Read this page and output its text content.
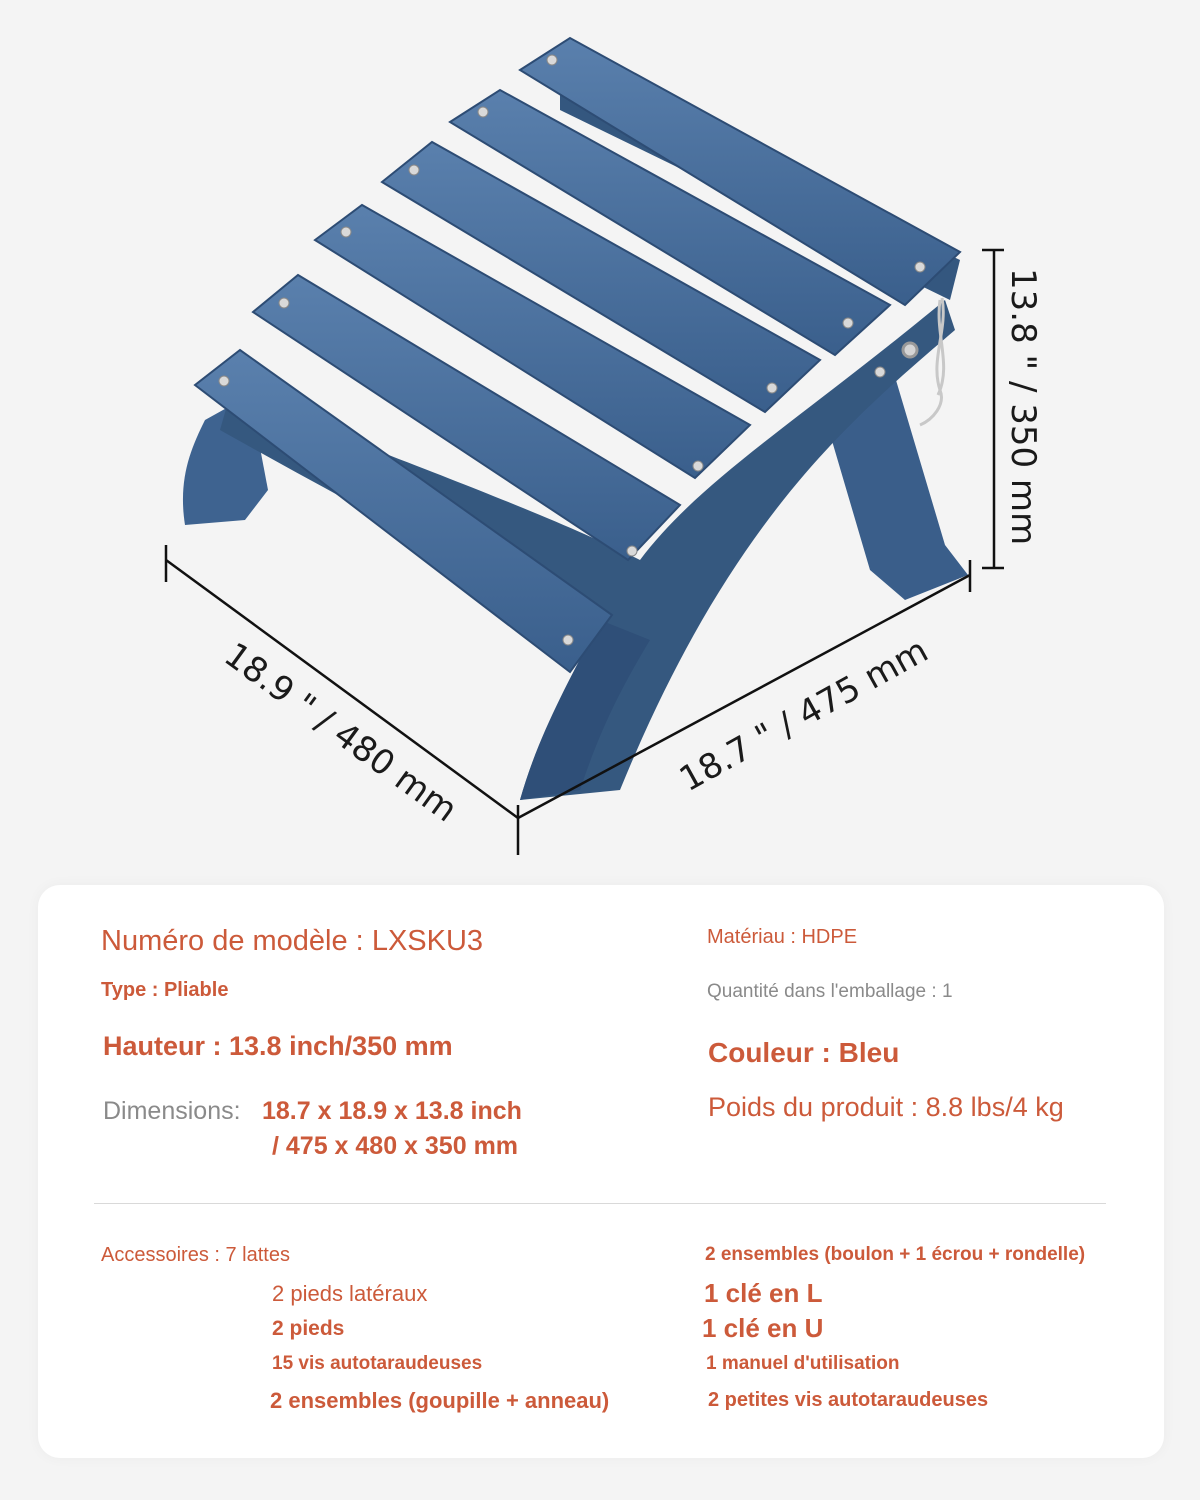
13.8 " / 350 mm
18.9 " / 480 mm	18.7 " / 475 mm
Numéro de modèle : LXSKU3
Type : Pliable
Hauteur : 13.8 inch/350 mm
Dimensions: 18.7 x 18.9 x 13.8 inch
/ 475 x 480 x 350 mm
Matériau : HDPE
Quantité dans l'emballage : 1
Couleur : Bleu
Poids du produit : 8.8 lbs/4 kg
Accessoires : 7 lattes
2 pieds latéraux
2 pieds
15 vis autotaraudeuses
2 ensembles (goupille + anneau)
2 ensembles (boulon + 1 écrou + rondelle)
1 clé en L
1 clé en U
1 manuel d'utilisation
2 petites vis autotaraudeuses
